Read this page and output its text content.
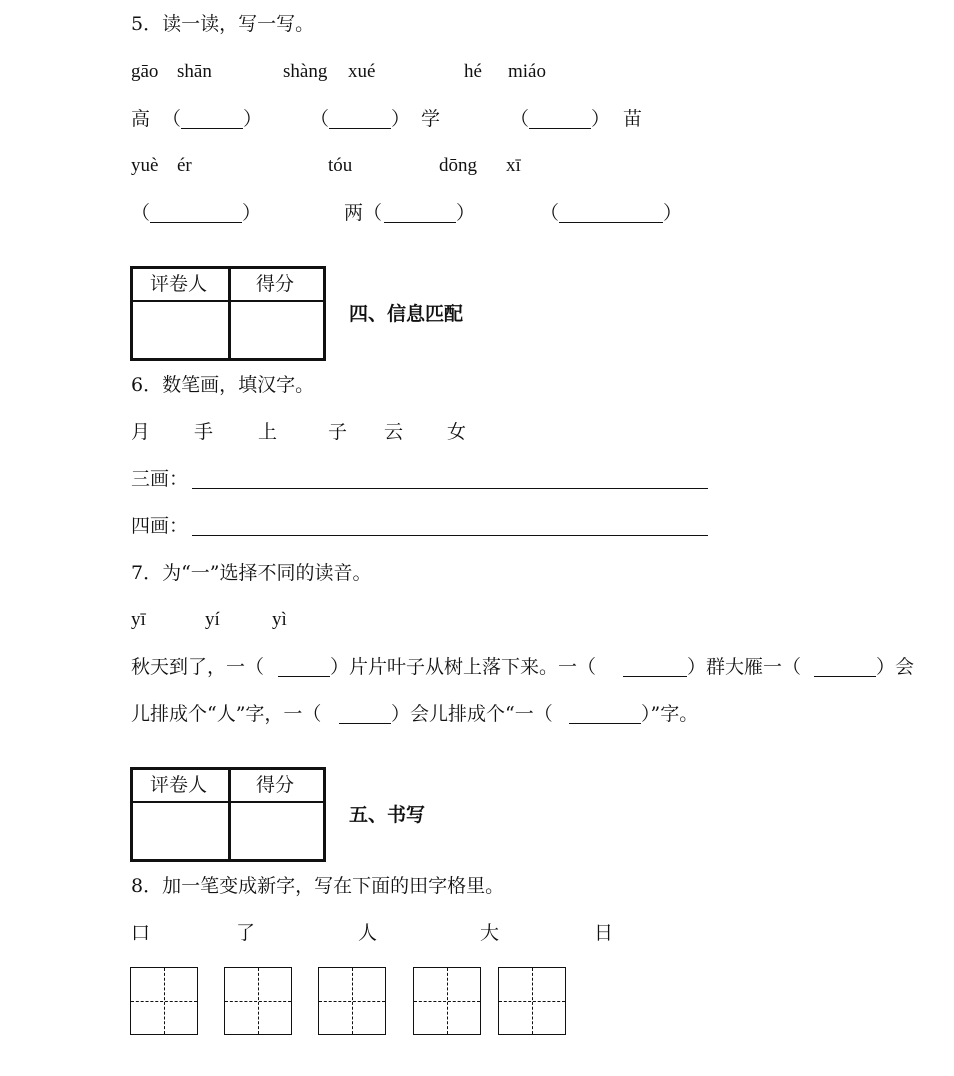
5．读一读，写一写。
gāo shān	shàng xué	hé miáo
高 （	）	（	） 学	（	） 苗
yuè ér	tóu	dōng xī
（	）	两（	）	（	）
评卷人	得分
四、信息匹配
6．数笔画，填汉字。
月 手 上	子 云 女
三画：
四画：
7．为“一”选择不同的读音。
yī	yí	yì
秋天到了，一（	）片片叶子从树上落下来。一（	）群大雁一（	）会
儿排成个“人”字，一（	）会儿排成个“一（	）”字。
评卷人	得分
五、书写
8．加一笔变成新字，写在下面的田字格里。
口	了	人	大	日
